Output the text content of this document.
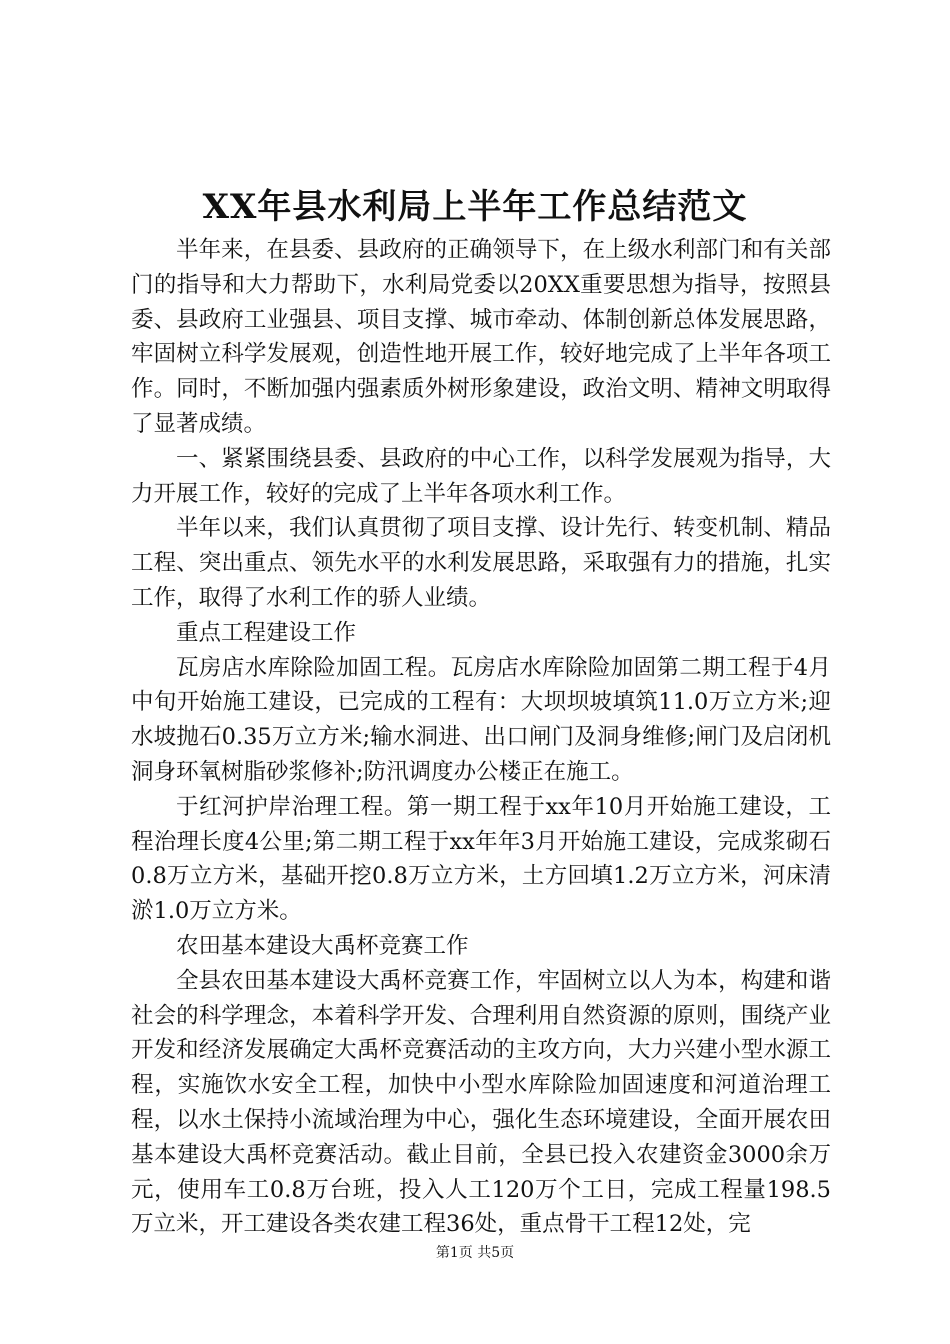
XX年县水利局上半年工作总结范文

半年来，在县委、县政府的正确领导下，在上级水利部门和有关部门的指导和大力帮助下，水利局党委以20XX重要思想为指导，按照县委、县政府工业强县、项目支撑、城市牵动、体制创新总体发展思路，牢固树立科学发展观，创造性地开展工作，较好地完成了上半年各项工作。同时，不断加强内强素质外树形象建设，政治文明、精神文明取得了显著成绩。

一、紧紧围绕县委、县政府的中心工作，以科学发展观为指导，大力开展工作，较好的完成了上半年各项水利工作。

半年以来，我们认真贯彻了项目支撑、设计先行、转变机制、精品工程、突出重点、领先水平的水利发展思路，采取强有力的措施，扎实工作，取得了水利工作的骄人业绩。

重点工程建设工作

瓦房店水库除险加固工程。瓦房店水库除险加固第二期工程于4月中旬开始施工建设，已完成的工程有：大坝坝坡填筑11.0万立方米;迎水坡抛石0.35万立方米;输水洞进、出口闸门及洞身维修;闸门及启闭机洞身环氧树脂砂浆修补;防汛调度办公楼正在施工。

于红河护岸治理工程。第一期工程于xx年10月开始施工建设，工程治理长度4公里;第二期工程于xx年年3月开始施工建设，完成浆砌石0.8万立方米，基础开挖0.8万立方米，土方回填1.2万立方米，河床清淤1.0万立方米。

农田基本建设大禹杯竞赛工作

全县农田基本建设大禹杯竞赛工作，牢固树立以人为本，构建和谐社会的科学理念，本着科学开发、合理利用自然资源的原则，围绕产业开发和经济发展确定大禹杯竞赛活动的主攻方向，大力兴建小型水源工程，实施饮水安全工程，加快中小型水库除险加固速度和河道治理工程，以水土保持小流域治理为中心，强化生态环境建设，全面开展农田基本建设大禹杯竞赛活动。截止目前，全县已投入农建资金3000余万元，使用车工0.8万台班，投入人工120万个工日，完成工程量198.5万立米，开工建设各类农建工程36处，重点骨干工程12处，完

第1页 共5页
